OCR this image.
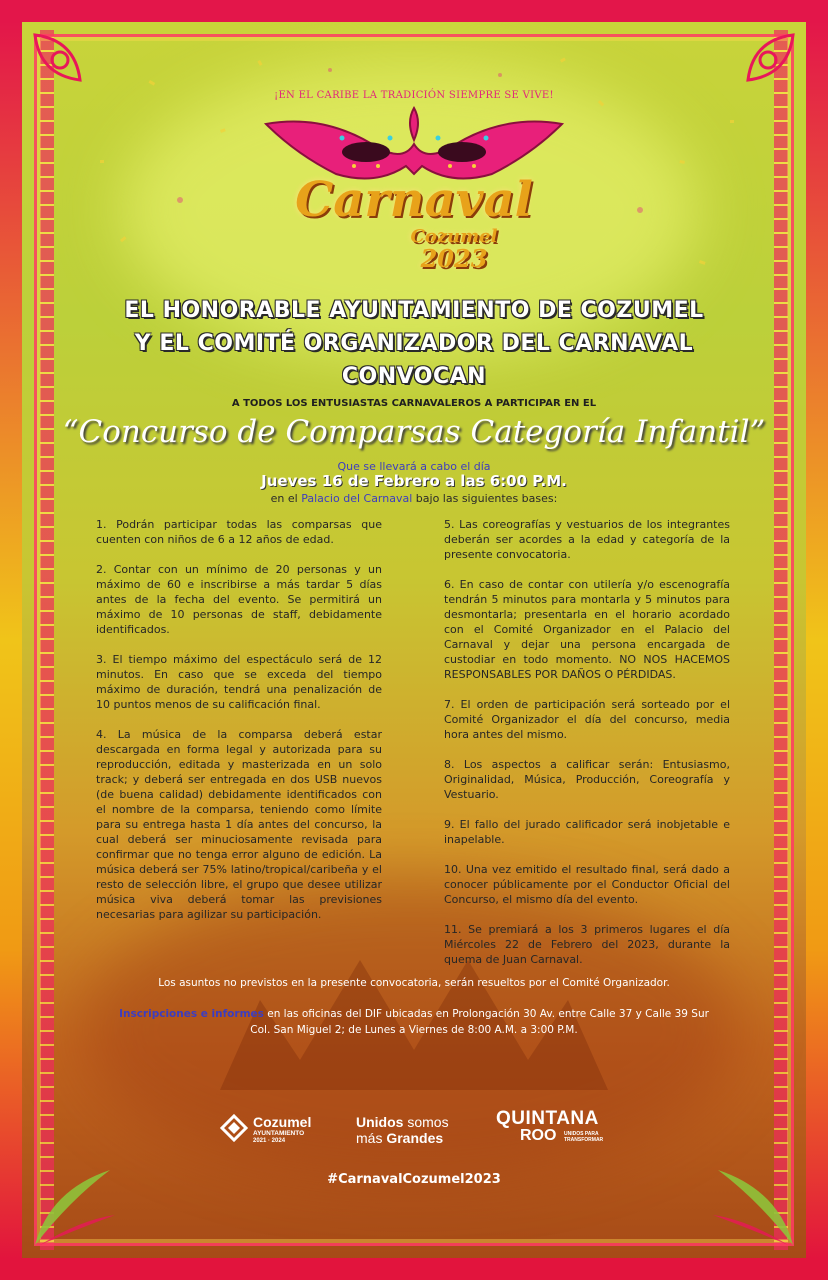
¡EN EL CARIBE LA TRADICIÓN SIEMPRE SE VIVE!
Carnaval
Cozumel
2023
EL HONORABLE AYUNTAMIENTO DE COZUMEL
Y EL COMITÉ ORGANIZADOR DEL CARNAVAL
CONVOCAN
A TODOS LOS ENTUSIASTAS CARNAVALEROS A PARTICIPAR EN EL
“Concurso de Comparsas Categoría Infantil”
Que se llevará a cabo el día
Jueves 16 de Febrero a las 6:00 P.M.
en el Palacio del Carnaval bajo las siguientes bases:

1. Podrán participar todas las comparsas que cuenten con niños de 6 a 12 años de edad.

2. Contar con un mínimo de 20 personas y un máximo de 60 e inscribirse a más tardar 5 días antes de la fecha del evento. Se permitirá un máximo de 10 personas de staff, debidamente identificados.

3. El tiempo máximo del espectáculo será de 12 minutos. En caso que se exceda del tiempo máximo de duración, tendrá una penalización de 10 puntos menos de su calificación final.

4. La música de la comparsa deberá estar descargada en forma legal y autorizada para su reproducción, editada y masterizada en un solo track; y deberá ser entregada en dos USB nuevos (de buena calidad) debidamente identificados con el nombre de la comparsa, teniendo como límite para su entrega hasta 1 día antes del concurso, la cual deberá ser minuciosamente revisada para confirmar que no tenga error alguno de edición. La música deberá ser 75% latino/tropical/caribeña y el resto de selección libre, el grupo que desee utilizar música viva deberá tomar las previsiones necesarias para agilizar su participación.

5. Las coreografías y vestuarios de los integrantes deberán ser acordes a la edad y categoría de la presente convocatoria.

6. En caso de contar con utilería y/o escenografía tendrán 5 minutos para montarla y 5 minutos para desmontarla; presentarla en el horario acordado con el Comité Organizador en el Palacio del Carnaval y dejar una persona encargada de custodiar en todo momento. NO NOS HACEMOS RESPONSABLES POR DAÑOS O PÉRDIDAS.

7. El orden de participación será sorteado por el Comité Organizador el día del concurso, media hora antes del mismo.

8. Los aspectos a calificar serán: Entusiasmo, Originalidad, Música, Producción, Coreografía y Vestuario.

9. El fallo del jurado calificador será inobjetable e inapelable.

10. Una vez emitido el resultado final, será dado a conocer públicamente por el Conductor Oficial del Concurso, el mismo día del evento.

11. Se premiará a los 3 primeros lugares el día Miércoles 22 de Febrero del 2023, durante la quema de Juan Carnaval.

Los asuntos no previstos en la presente convocatoria, serán resueltos por el Comité Organizador.
Inscripciones e informes en las oficinas del DIF ubicadas en Prolongación 30 Av. entre Calle 37 y Calle 39 Sur
Col. San Miguel 2; de Lunes a Viernes de 8:00 A.M. a 3:00 P.M.
Cozumel
AYUNTAMIENTO
2021 · 2024
Unidos somos
más Grandes
QUINTANA
ROO UNIDOS PARA TRANSFORMAR
#CarnavalCozumel2023
